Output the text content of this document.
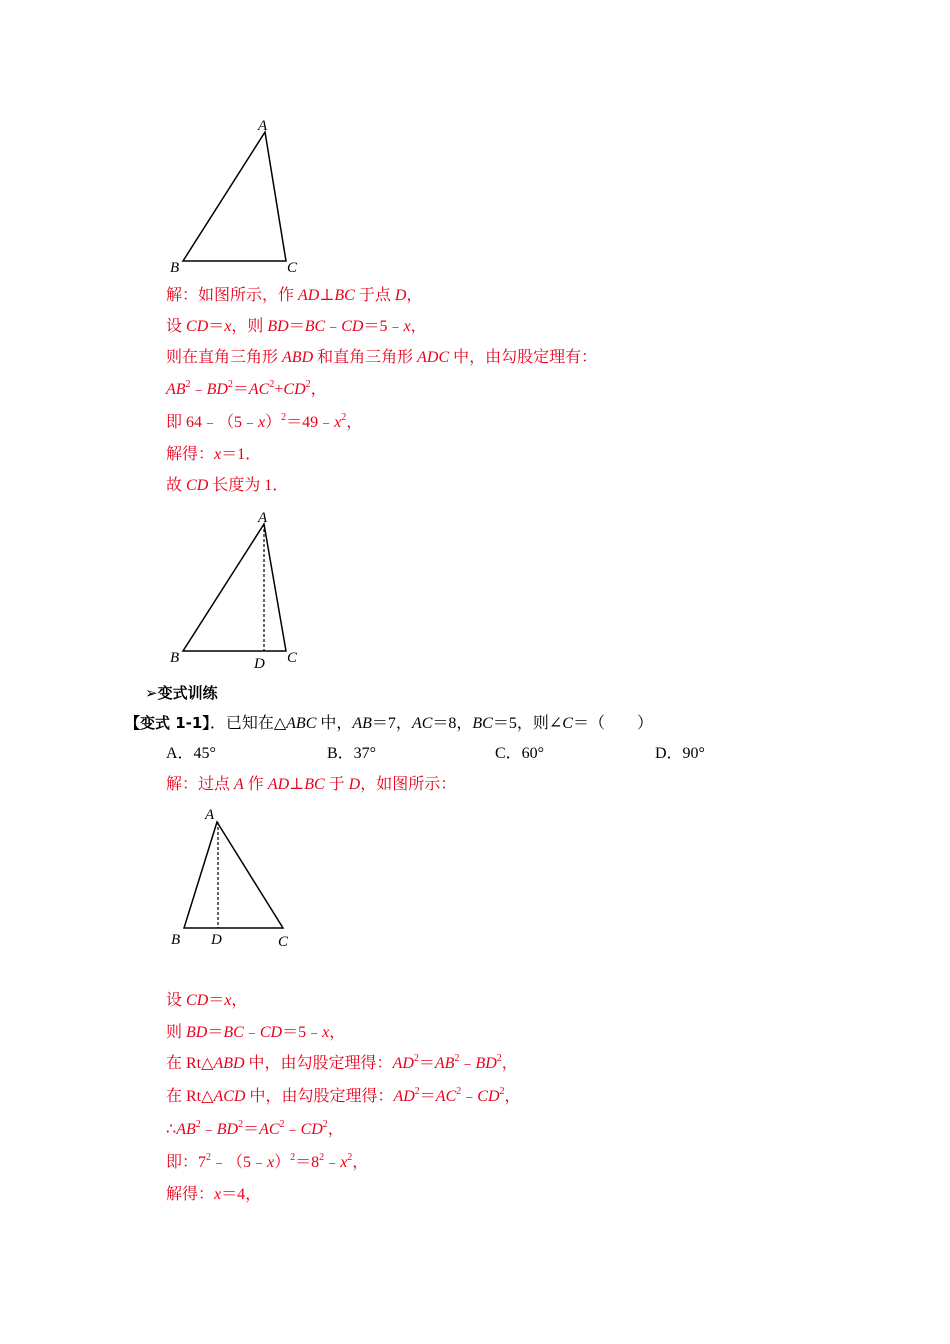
A
B	C
解：如图所示，作 AD⊥BC 于点 D，
设 CD＝x，则 BD＝BC﹣CD＝5﹣x，
则在直角三角形 ABD 和直角三角形 ADC 中，由勾股定理有：
$AB^2﹣BD^2=AC^2+CD^2$，
即 $64﹣(5﹣x)^2=49﹣x^2$，
解得：x＝1．
故 CD 长度为 1．
A
B	D C
➢变式训练
【变式 1-1】．已知在△ABC 中，AB＝7，AC＝8，BC＝5，则∠C＝（　　）
A．45°	B．37°	C．60°	D．90°
解：过点 A 作 AD⊥BC 于 D，如图所示：
A
B D	C
设 CD＝x，
则 BD＝BC﹣CD＝5﹣x，
在 Rt△ABD 中，由勾股定理得：$AD^2=AB^2﹣BD^2$，
在 Rt△ACD 中，由勾股定理得：$AD^2=AC^2﹣CD^2$，
$\therefore AB^2﹣BD^2=AC^2﹣CD^2$，
即：$7^2﹣(5﹣x)^2=8^2﹣x^2$，
解得：x＝4，
